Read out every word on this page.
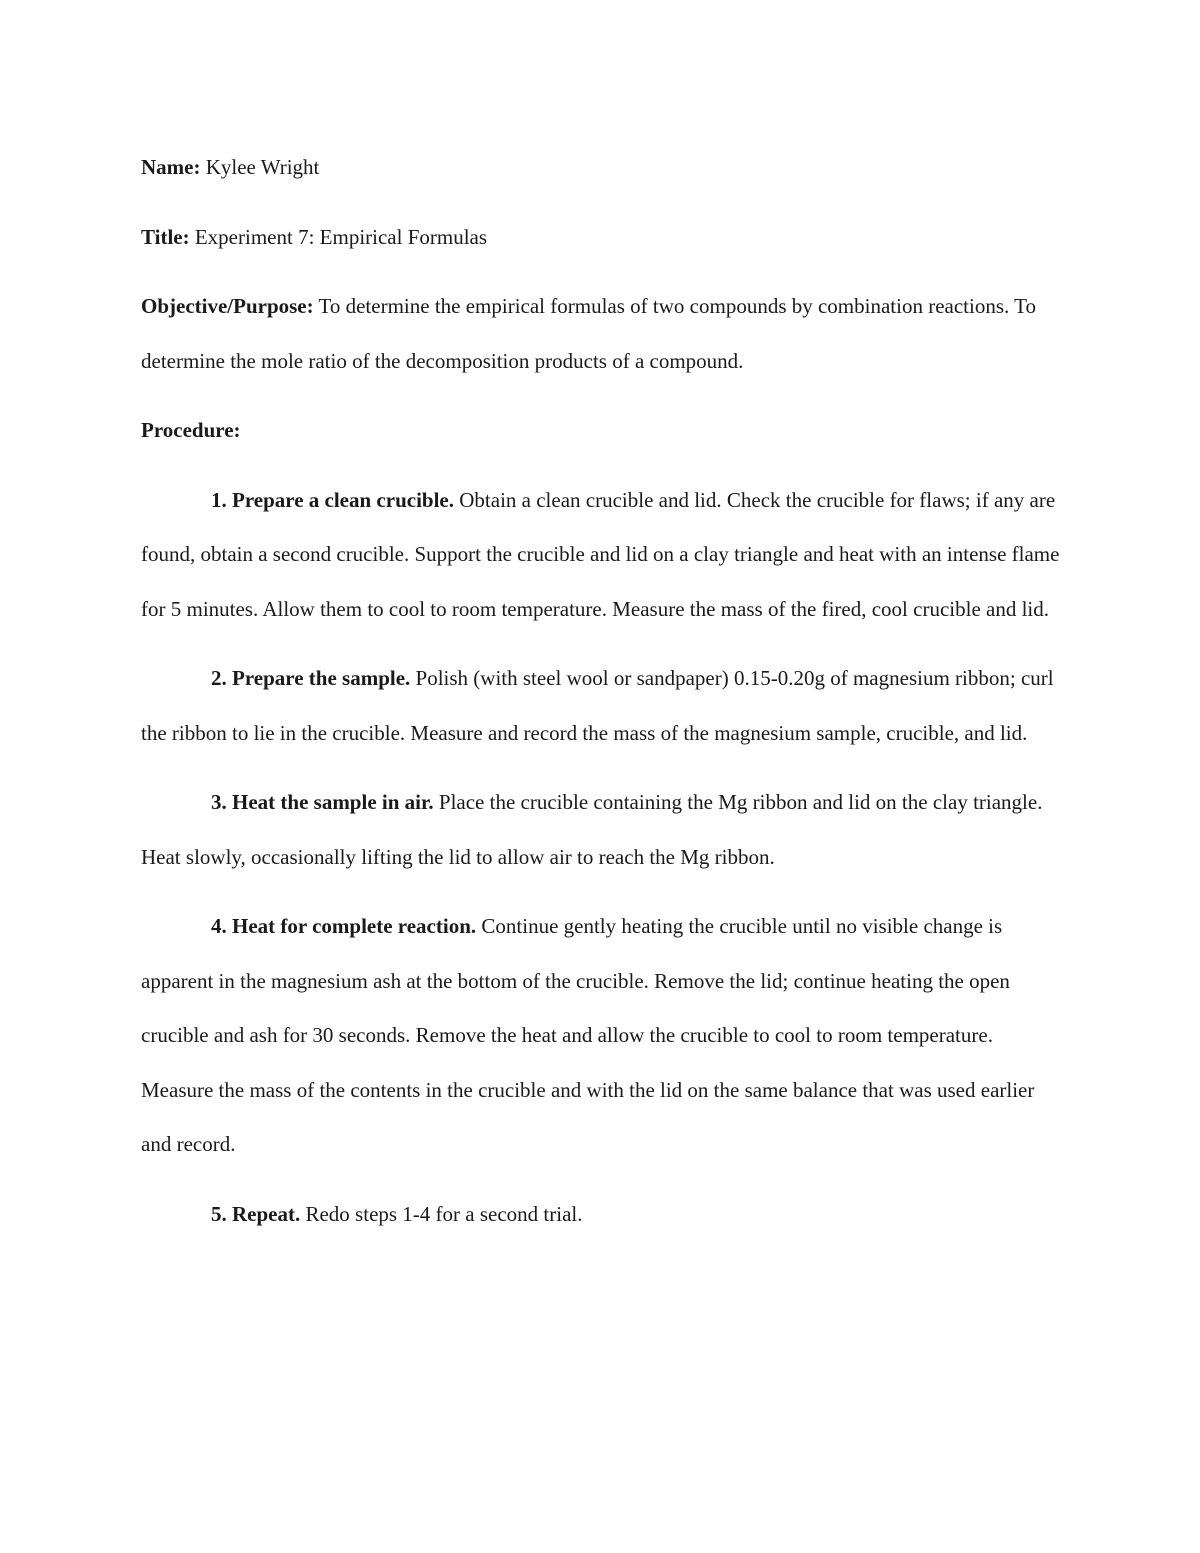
Name: Kylee Wright

Title: Experiment 7: Empirical Formulas

Objective/Purpose: To determine the empirical formulas of two compounds by combination reactions. To determine the mole ratio of the decomposition products of a compound.

Procedure:

1. Prepare a clean crucible. Obtain a clean crucible and lid. Check the crucible for flaws; if any are found, obtain a second crucible. Support the crucible and lid on a clay triangle and heat with an intense flame for 5 minutes. Allow them to cool to room temperature. Measure the mass of the fired, cool crucible and lid.

2. Prepare the sample. Polish (with steel wool or sandpaper) 0.15-0.20g of magnesium ribbon; curl the ribbon to lie in the crucible. Measure and record the mass of the magnesium sample, crucible, and lid.

3. Heat the sample in air. Place the crucible containing the Mg ribbon and lid on the clay triangle. Heat slowly, occasionally lifting the lid to allow air to reach the Mg ribbon.

4. Heat for complete reaction. Continue gently heating the crucible until no visible change is apparent in the magnesium ash at the bottom of the crucible. Remove the lid; continue heating the open crucible and ash for 30 seconds. Remove the heat and allow the crucible to cool to room temperature. Measure the mass of the contents in the crucible and with the lid on the same balance that was used earlier and record.

5. Repeat. Redo steps 1-4 for a second trial.
